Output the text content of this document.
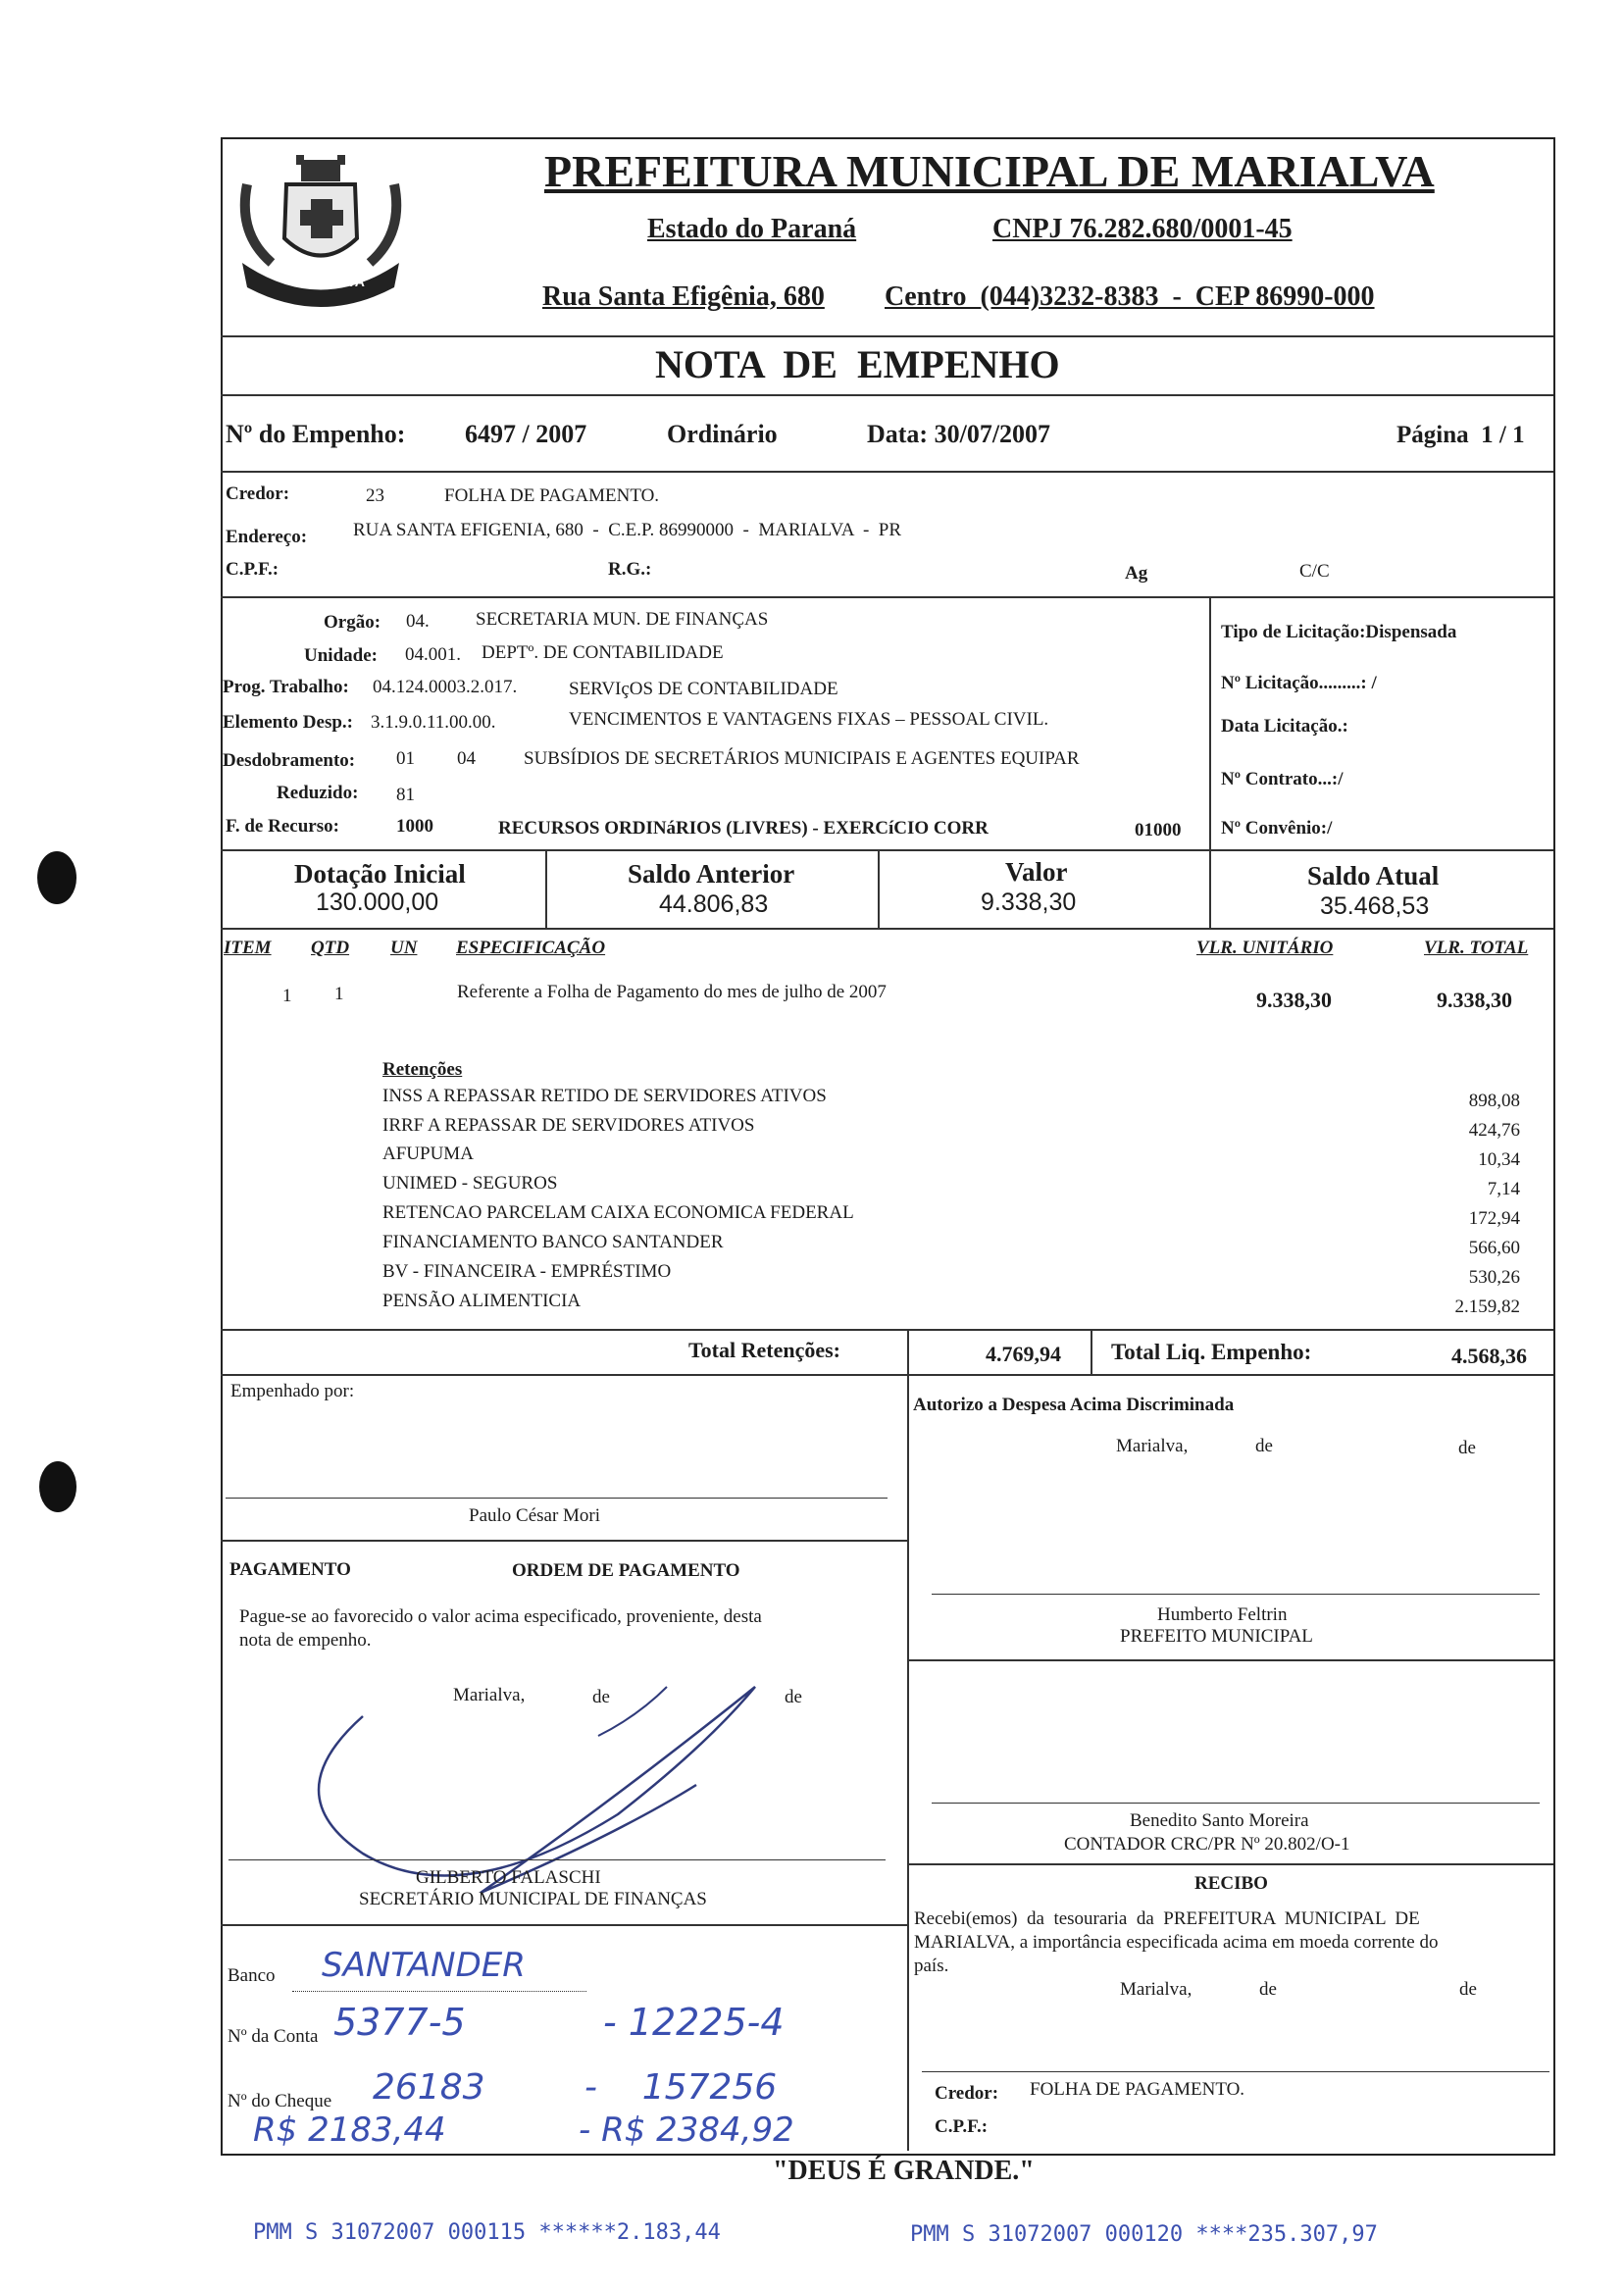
MARIALVA
PREFEITURA MUNICIPAL DE MARIALVA
Estado do Paraná	CNPJ 76.282.680/0001-45
Rua Santa Efigênia, 680 Centro  (044)3232-8383  -  CEP 86990-000
NOTA  DE  EMPENHO
Nº do Empenho: 6497 / 2007	Ordinário	Data: 30/07/2007	Página  1 / 1
Credor:	23	FOLHA DE PAGAMENTO.
Endereço: RUA SANTA EFIGENIA, 680  -  C.E.P. 86990000  -  MARIALVA  -  PR
C.P.F.:	R.G.:	Ag	C/C
Orgão: 04. SECRETARIA MUN. DE FINANÇAS
Unidade: 04.001. DEPTº. DE CONTABILIDADE
Prog. Trabalho: 04.124.0003.2.017.	SERVIçOS DE CONTABILIDADE
Elemento Desp.: 3.1.9.0.11.00.00.	VENCIMENTOS E VANTAGENS FIXAS – PESSOAL CIVIL.
Desdobramento: 01 04	SUBSÍDIOS DE SECRETÁRIOS MUNICIPAIS E AGENTES EQUIPAR
Reduzido: 81
F. de Recurso:	1000	RECURSOS ORDINáRIOS (LIVRES) - EXERCíCIO CORR	01000
Tipo de Licitação:Dispensada
Nº Licitação.........: /
Data Licitação.:
Nº Contrato...:/
Nº Convênio:/
Dotação Inicial
130.000,00
Saldo Anterior
44.806,83
Valor
9.338,30
Saldo Atual
35.468,53
ITEM QTD UN ESPECIFICAÇÃO	VLR. UNITÁRIO	VLR. TOTAL
1 1	Referente a Folha de Pagamento do mes de julho de 2007	9.338,30	9.338,30
Retenções
INSS A REPASSAR RETIDO DE SERVIDORES ATIVOS	898,08
IRRF A REPASSAR DE SERVIDORES ATIVOS	424,76
AFUPUMA	10,34
UNIMED - SEGUROS	7,14
RETENCAO PARCELAM CAIXA ECONOMICA FEDERAL	172,94
FINANCIAMENTO BANCO SANTANDER	566,60
BV - FINANCEIRA - EMPRÉSTIMO	530,26
PENSÃO ALIMENTICIA	2.159,82
Total Retenções:	4.769,94 Total Liq. Empenho:	4.568,36
Empenhado por:
Paulo César Mori
Autorizo a Despesa Acima Discriminada
Marialva,	de	de
Humberto Feltrin
PREFEITO MUNICIPAL
PAGAMENTO	ORDEM DE PAGAMENTO
Pague-se ao favorecido o valor acima especificado, proveniente, desta
nota de empenho.
Marialva,	de	de
GILBERTO FALASCHI
SECRETÁRIO MUNICIPAL DE FINANÇAS
Benedito Santo Moreira
CONTADOR CRC/PR Nº 20.802/O-1
RECIBO
Recebi(emos)  da  tesouraria  da  PREFEITURA  MUNICIPAL  DE
MARIALVA, a importância especificada acima em moeda corrente do
país.
Marialva,	de	de
Credor: FOLHA DE PAGAMENTO.
C.P.F.:
Banco SANTANDER
Nº da Conta 5377-5	- 12225-4
Nº do Cheque 26183	-    157256
R$ 2183,44	- R$ 2384,92
"DEUS É GRANDE."
PMM S 31072007 000115 ******2.183,44	PMM S 31072007 000120 ****235.307,97
